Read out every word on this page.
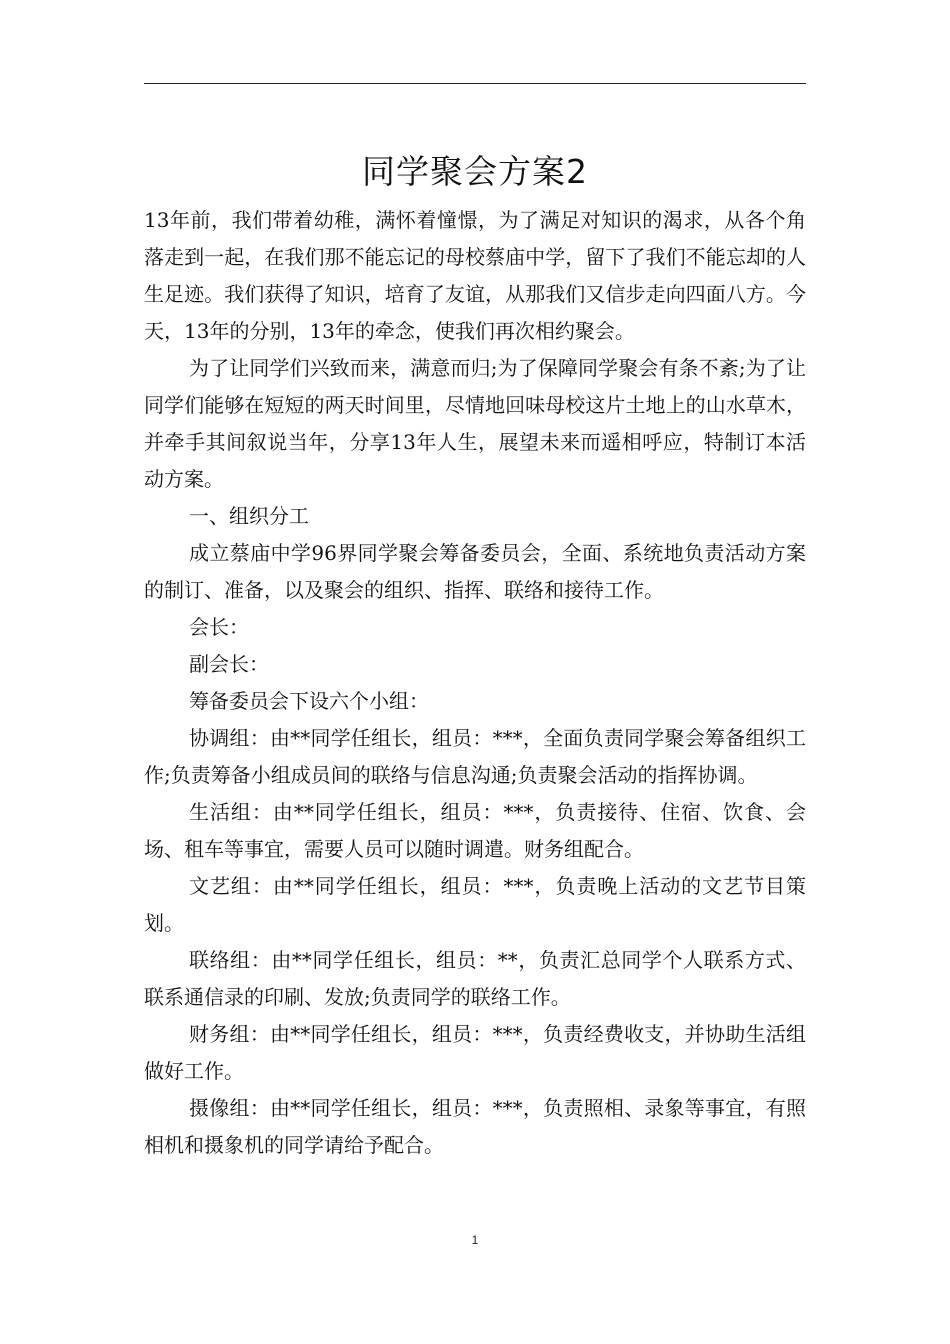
同学聚会方案2

13年前，我们带着幼稚，满怀着憧憬，为了满足对知识的渴求，从各个角落走到一起，在我们那不能忘记的母校蔡庙中学，留下了我们不能忘却的人生足迹。我们获得了知识，培育了友谊，从那我们又信步走向四面八方。今天，13年的分别，13年的牵念，使我们再次相约聚会。

为了让同学们兴致而来，满意而归;为了保障同学聚会有条不紊;为了让同学们能够在短短的两天时间里，尽情地回味母校这片土地上的山水草木，并牵手其间叙说当年，分享13年人生，展望未来而遥相呼应，特制订本活动方案。

一、组织分工

成立蔡庙中学96界同学聚会筹备委员会，全面、系统地负责活动方案的制订、准备，以及聚会的组织、指挥、联络和接待工作。

会长：

副会长：

筹备委员会下设六个小组：

协调组：由**同学任组长，组员：***，全面负责同学聚会筹备组织工作;负责筹备小组成员间的联络与信息沟通;负责聚会活动的指挥协调。

生活组：由**同学任组长，组员：***，负责接待、住宿、饮食、会场、租车等事宜，需要人员可以随时调遣。财务组配合。

文艺组：由**同学任组长，组员：***，负责晚上活动的文艺节目策划。

联络组：由**同学任组长，组员：**，负责汇总同学个人联系方式、联系通信录的印刷、发放;负责同学的联络工作。

财务组：由**同学任组长，组员：***，负责经费收支，并协助生活组做好工作。

摄像组：由**同学任组长，组员：***，负责照相、录象等事宜，有照相机和摄象机的同学请给予配合。

1
